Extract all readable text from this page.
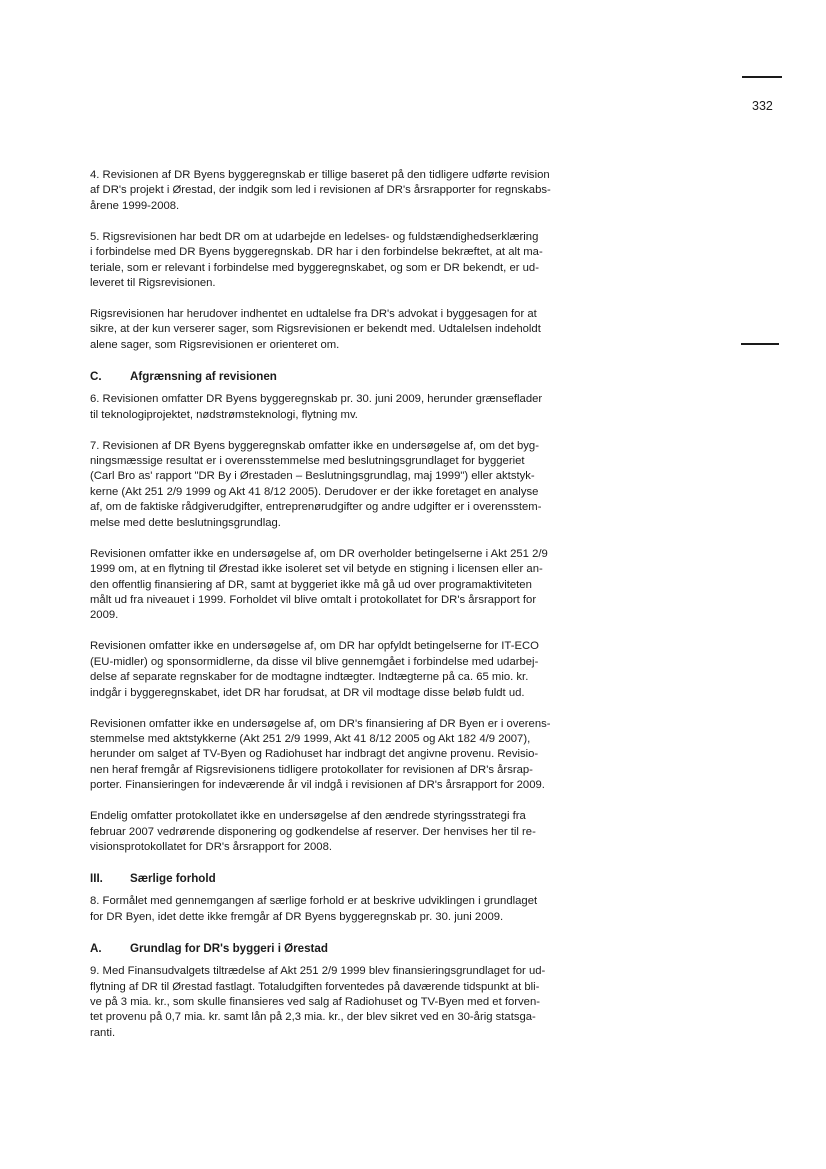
332

4. Revisionen af DR Byens byggeregnskab er tillige baseret på den tidligere udførte revision
af DR's projekt i Ørestad, der indgik som led i revisionen af DR's årsrapporter for regnskabs-
årene 1999-2008.

5. Rigsrevisionen har bedt DR om at udarbejde en ledelses- og fuldstændighedserklæring
i forbindelse med DR Byens byggeregnskab. DR har i den forbindelse bekræftet, at alt ma-
teriale, som er relevant i forbindelse med byggeregnskabet, og som er DR bekendt, er ud-
leveret til Rigsrevisionen.

Rigsrevisionen har herudover indhentet en udtalelse fra DR's advokat i byggesagen for at
sikre, at der kun verserer sager, som Rigsrevisionen er bekendt med. Udtalelsen indeholdt
alene sager, som Rigsrevisionen er orienteret om.

C. Afgrænsning af revisionen

6. Revisionen omfatter DR Byens byggeregnskab pr. 30. juni 2009, herunder grænseflader
til teknologiprojektet, nødstrømsteknologi, flytning mv.

7. Revisionen af DR Byens byggeregnskab omfatter ikke en undersøgelse af, om det byg-
ningsmæssige resultat er i overensstemmelse med beslutningsgrundlaget for byggeriet
(Carl Bro as' rapport "DR By i Ørestaden – Beslutningsgrundlag, maj 1999") eller aktstyk-
kerne (Akt 251 2/9 1999 og Akt 41 8/12 2005). Derudover er der ikke foretaget en analyse
af, om de faktiske rådgiverudgifter, entreprenørudgifter og andre udgifter er i overensstem-
melse med dette beslutningsgrundlag.

Revisionen omfatter ikke en undersøgelse af, om DR overholder betingelserne i Akt 251 2/9
1999 om, at en flytning til Ørestad ikke isoleret set vil betyde en stigning i licensen eller an-
den offentlig finansiering af DR, samt at byggeriet ikke må gå ud over programaktiviteten
målt ud fra niveauet i 1999. Forholdet vil blive omtalt i protokollatet for DR's årsrapport for
2009.

Revisionen omfatter ikke en undersøgelse af, om DR har opfyldt betingelserne for IT-ECO
(EU-midler) og sponsormidlerne, da disse vil blive gennemgået i forbindelse med udarbej-
delse af separate regnskaber for de modtagne indtægter. Indtægterne på ca. 65 mio. kr.
indgår i byggeregnskabet, idet DR har forudsat, at DR vil modtage disse beløb fuldt ud.

Revisionen omfatter ikke en undersøgelse af, om DR's finansiering af DR Byen er i overens-
stemmelse med aktstykkerne (Akt 251 2/9 1999, Akt 41 8/12 2005 og Akt 182 4/9 2007),
herunder om salget af TV-Byen og Radiohuset har indbragt det angivne provenu. Revisio-
nen heraf fremgår af Rigsrevisionens tidligere protokollater for revisionen af DR's årsrap-
porter. Finansieringen for indeværende år vil indgå i revisionen af DR's årsrapport for 2009.

Endelig omfatter protokollatet ikke en undersøgelse af den ændrede styringsstrategi fra
februar 2007 vedrørende disponering og godkendelse af reserver. Der henvises her til re-
visionsprotokollatet for DR's årsrapport for 2008.

III. Særlige forhold

8. Formålet med gennemgangen af særlige forhold er at beskrive udviklingen i grundlaget
for DR Byen, idet dette ikke fremgår af DR Byens byggeregnskab pr. 30. juni 2009.

A. Grundlag for DR's byggeri i Ørestad

9. Med Finansudvalgets tiltrædelse af Akt 251 2/9 1999 blev finansieringsgrundlaget for ud-
flytning af DR til Ørestad fastlagt. Totaludgiften forventedes på daværende tidspunkt at bli-
ve på 3 mia. kr., som skulle finansieres ved salg af Radiohuset og TV-Byen med et forven-
tet provenu på 0,7 mia. kr. samt lån på 2,3 mia. kr., der blev sikret ved en 30-årig statsga-
ranti.
